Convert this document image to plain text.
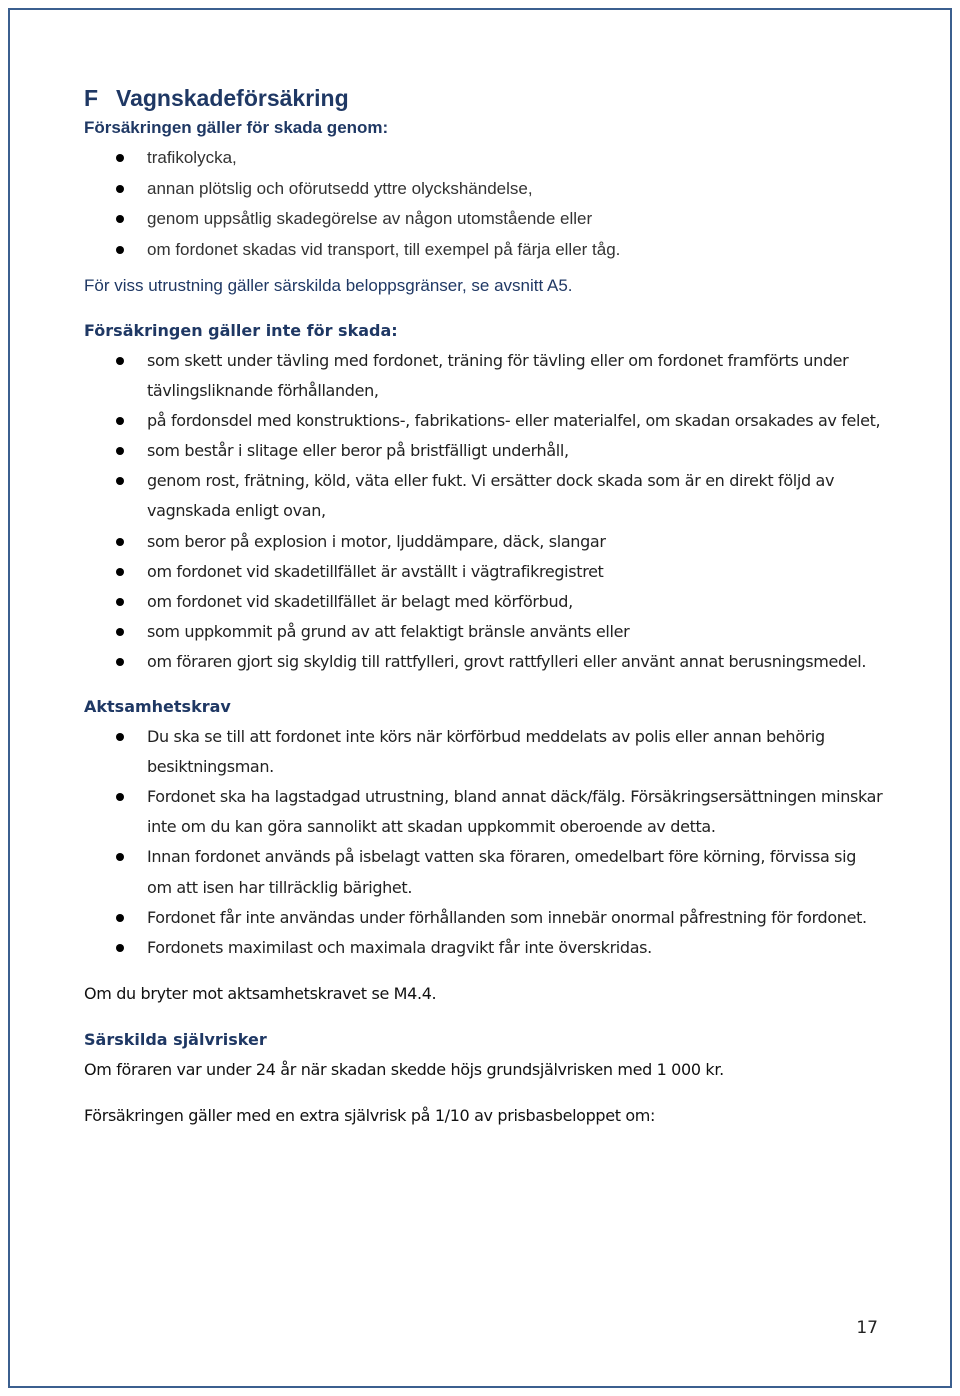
F Vagnskadeförsäkring
Försäkringen gäller för skada genom:
trafikolycka,
annan plötslig och oförutsedd yttre olyckshändelse,
genom uppsåtlig skadegörelse av någon utomstående eller
om fordonet skadas vid transport, till exempel på färja eller tåg.
För viss utrustning gäller särskilda beloppsgränser, se avsnitt A5.
Försäkringen gäller inte för skada:
som skett under tävling med fordonet, träning för tävling eller om fordonet framförts under tävlingsliknande förhållanden,
på fordonsdel med konstruktions-, fabrikations- eller materialfel, om skadan orsakades av felet,
som består i slitage eller beror på bristfälligt underhåll,
genom rost, frätning, köld, väta eller fukt. Vi ersätter dock skada som är en direkt följd av vagnskada enligt ovan,
som beror på explosion i motor, ljuddämpare, däck, slangar
om fordonet vid skadetillfället är avställt i vägtrafikregistret
om fordonet vid skadetillfället är belagt med körförbud,
som uppkommit på grund av att felaktigt bränsle använts eller
om föraren gjort sig skyldig till rattfylleri, grovt rattfylleri eller använt annat berusningsmedel.
Aktsamhetskrav
Du ska se till att fordonet inte körs när körförbud meddelats av polis eller annan behörig besiktningsman.
Fordonet ska ha lagstadgad utrustning, bland annat däck/fälg. Försäkringsersättningen minskar inte om du kan göra sannolikt att skadan uppkommit oberoende av detta.
Innan fordonet används på isbelagt vatten ska föraren, omedelbart före körning, förvissa sig om att isen har tillräcklig bärighet.
Fordonet får inte användas under förhållanden som innebär onormal påfrestning för fordonet.
Fordonets maximilast och maximala dragvikt får inte överskridas.
Om du bryter mot aktsamhetskravet se M4.4.
Särskilda självrisker
Om föraren var under 24 år när skadan skedde höjs grundsjälvrisken med 1 000 kr.
Försäkringen gäller med en extra självrisk på 1/10 av prisbasbeloppet om:
17
